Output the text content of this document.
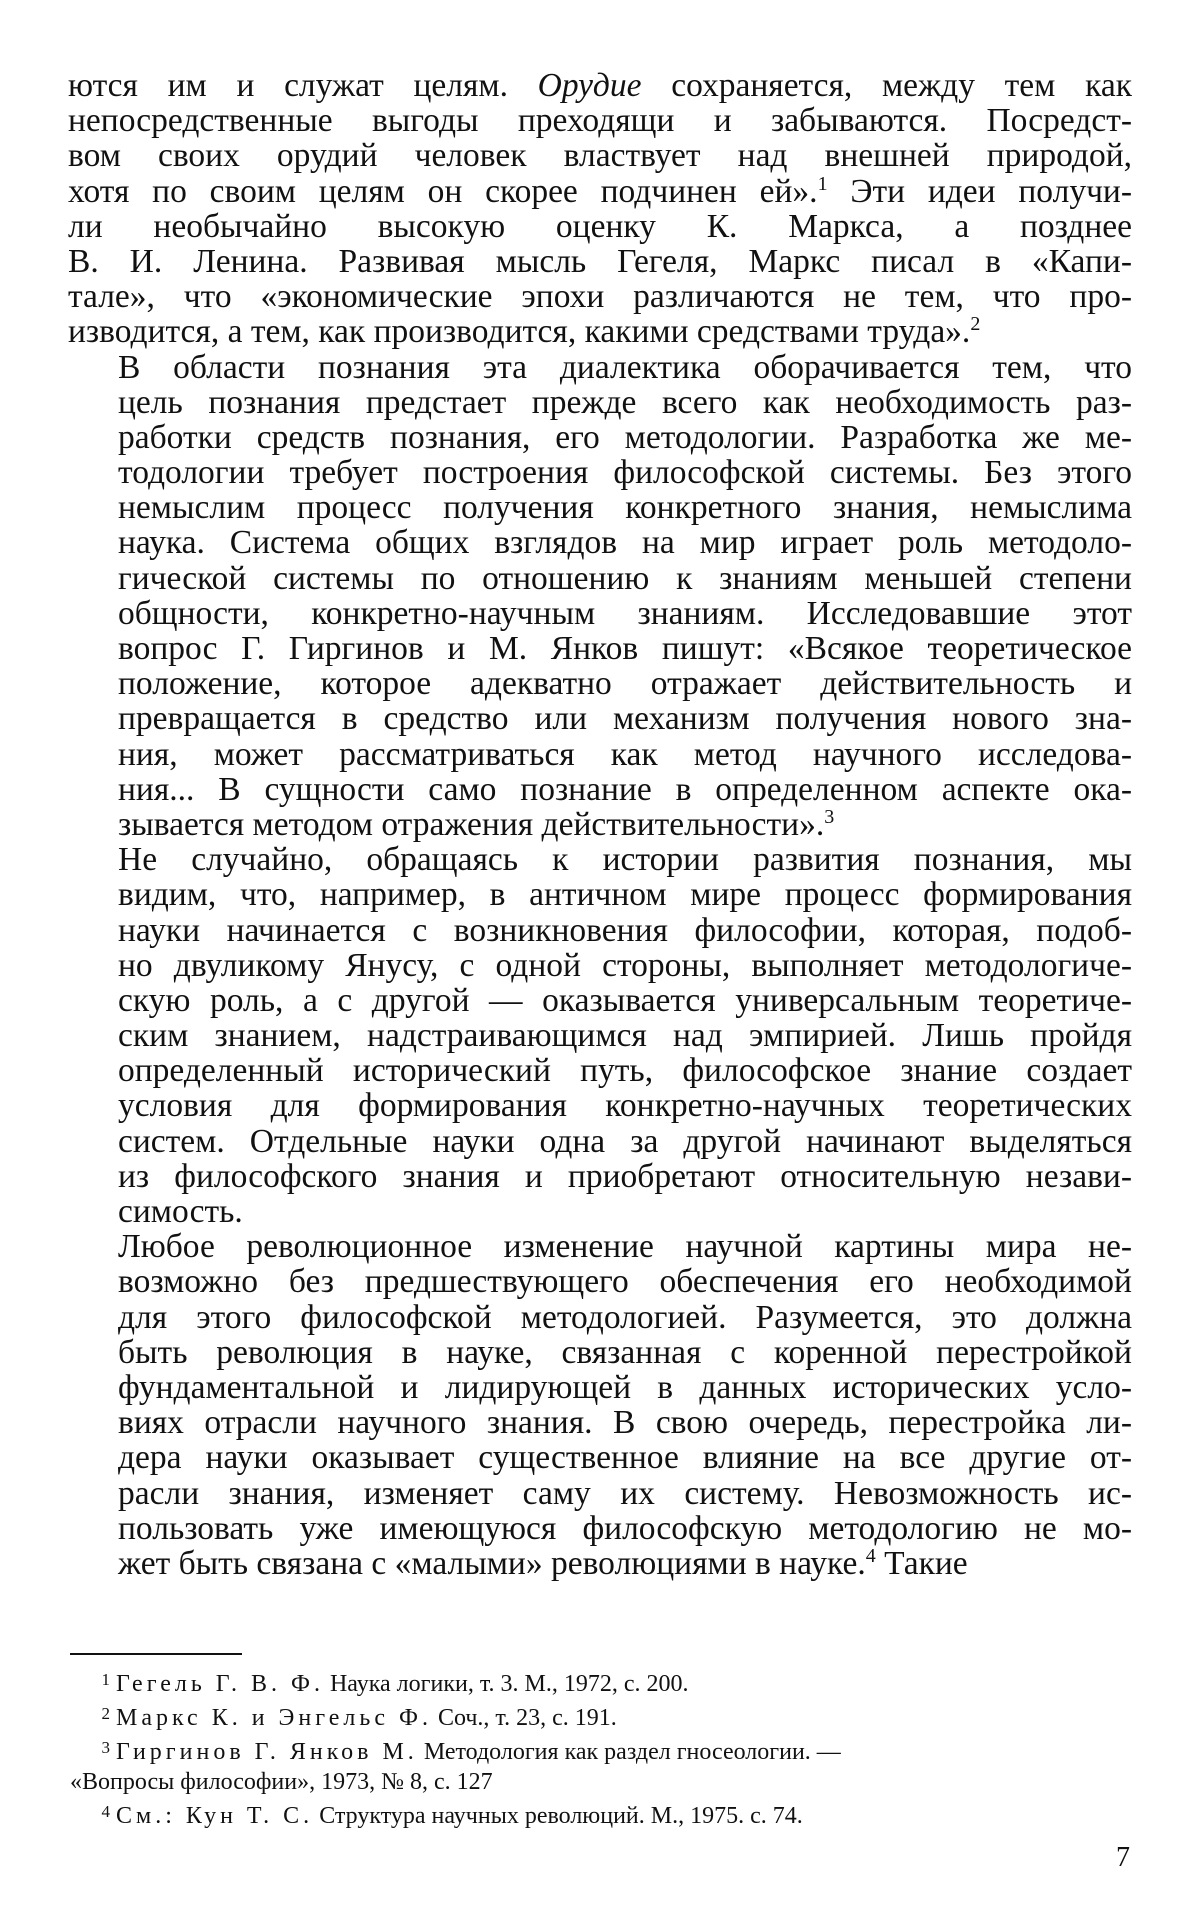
ются им и служат целям. Орудие сохраняется, между тем как
непосредственные выгоды преходящи и забываются. Посредст-
вом своих орудий человек властвует над внешней природой,
хотя по своим целям он скорее подчинен ей».$^1$ Эти идеи получи-
ли необычайно высокую оценку К. Маркса, а позднее
В. И. Ленина. Развивая мысль Гегеля, Маркс писал в «Капи-
тале», что «экономические эпохи различаются не тем, что про-
изводится, а тем, как производится, какими средствами труда».$^2$
В области познания эта диалектика оборачивается тем, что
цель познания предстает прежде всего как необходимость раз-
работки средств познания, его методологии. Разработка же ме-
тодологии требует построения философской системы. Без этого
немыслим процесс получения конкретного знания, немыслима
наука. Система общих взглядов на мир играет роль методоло-
гической системы по отношению к знаниям меньшей степени
общности, конкретно-научным знаниям. Исследовавшие этот
вопрос Г. Гиргинов и М. Янков пишут: «Всякое теоретическое
положение, которое адекватно отражает действительность и
превращается в средство или механизм получения нового зна-
ния, может рассматриваться как метод научного исследова-
ния... В сущности само познание в определенном аспекте ока-
зывается методом отражения действительности».$^3$
Не случайно, обращаясь к истории развития познания, мы
видим, что, например, в античном мире процесс формирования
науки начинается с возникновения философии, которая, подоб-
но двуликому Янусу, с одной стороны, выполняет методологиче-
скую роль, а с другой — оказывается универсальным теоретиче-
ским знанием, надстраивающимся над эмпирией. Лишь пройдя
определенный исторический путь, философское знание создает
условия для формирования конкретно-научных теоретических
систем. Отдельные науки одна за другой начинают выделяться
из философского знания и приобретают относительную незави-
симость.
Любое революционное изменение научной картины мира не-
возможно без предшествующего обеспечения его необходимой
для этого философской методологией. Разумеется, это должна
быть революция в науке, связанная с коренной перестройкой
фундаментальной и лидирующей в данных исторических усло-
виях отрасли научного знания. В свою очередь, перестройка ли-
дера науки оказывает существенное влияние на все другие от-
расли знания, изменяет саму их систему. Невозможность ис-
пользовать уже имеющуюся философскую методологию не мо-
жет быть связана с «малыми» революциями в науке.$^4$ Такие
1 Гегель Г. В. Ф. Наука логики, т. 3. М., 1972, с. 200.
2 Маркс К. и Энгельс Ф. Соч., т. 23, с. 191.
3 Гиргинов Г. Янков М. Методология как раздел гносеологии. —
«Вопросы философии», 1973, № 8, с. 127
4 См.: Кун Т. С. Структура научных революций. М., 1975. с. 74.
7
